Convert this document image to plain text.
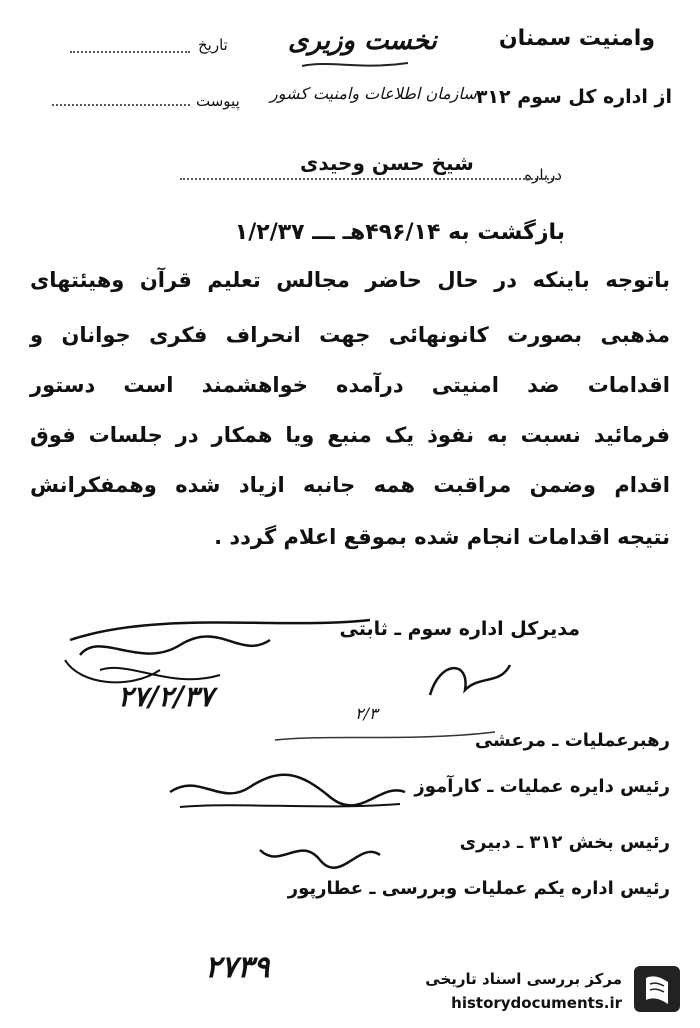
وامنیت سمنان
نخست وزیری
تاریخ
از اداره کل سوم ۳۱۲
سازمان اطلاعات وامنیت کشور
پیوست
درباره
شیخ حسن وحیدی
بازگشت به ۴۹۶/۱۴هـ ـــ ۱/۲/۳۷
باتوجه باینکه در حال حاضر مجالس تعلیم قرآن وهیئتهای
مذهبی بصورت کانونهائی جهت انحراف فکری جوانان و
اقدامات ضد امنیتی درآمده خواهشمند است دستور
فرمائید نسبت به نفوذ یک منبع ویا همکار در جلسات فوق
اقدام وضمن مراقبت همه جانبه ازیاد شده وهمفکرانش
نتیجه اقدامات انجام شده بموقع اعلام گردد .
مدیرکل اداره سوم ـ ثابتی
۲۷/۲/۳۷
۲/۳
رهبرعملیات ـ مرعشی
رئیس دایره عملیات ـ کارآموز
رئیس بخش ۳۱۲ ـ دبیری
رئیس اداره یکم عملیات وبررسی ـ عطارپور
۲۷۳۹	مرکز بررسی اسناد تاریخی
historydocuments.ir
